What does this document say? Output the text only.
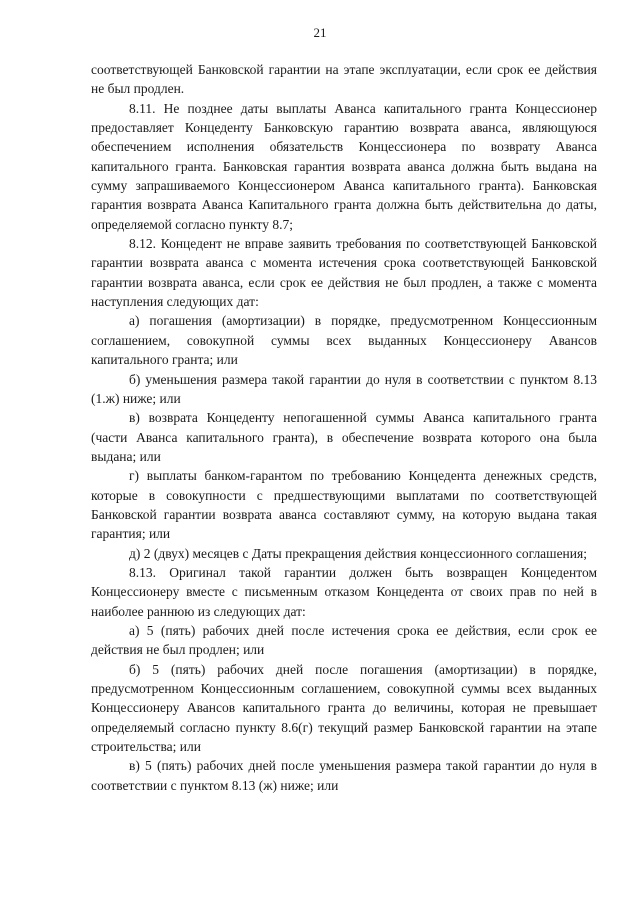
21

соответствующей Банковской гарантии на этапе эксплуатации, если срок ее действия не был продлен.

8.11. Не позднее даты выплаты Аванса капитального гранта Концессионер предоставляет Концеденту Банковскую гарантию возврата аванса, являющуюся обеспечением исполнения обязательств Концессионера по возврату Аванса капитального гранта. Банковская гарантия возврата аванса должна быть выдана на сумму запрашиваемого Концессионером Аванса капитального гранта). Банковская гарантия возврата Аванса Капитального гранта должна быть действительна до даты, определяемой согласно пункту 8.7;

8.12. Концедент не вправе заявить требования по соответствующей Банковской гарантии возврата аванса с момента истечения срока соответствующей Банковской гарантии возврата аванса, если срок ее действия не был продлен, а также с момента наступления следующих дат:

а) погашения (амортизации) в порядке, предусмотренном Концессионным соглашением, совокупной суммы всех выданных Концессионеру Авансов капитального гранта; или

б) уменьшения размера такой гарантии до нуля в соответствии с пунктом 8.13 (1.ж) ниже; или

в) возврата Концеденту непогашенной суммы Аванса капитального гранта (части Аванса капитального гранта), в обеспечение возврата которого она была выдана; или

г) выплаты банком-гарантом по требованию Концедента денежных средств, которые в совокупности с предшествующими выплатами по соответствующей Банковской гарантии возврата аванса составляют сумму, на которую выдана такая гарантия; или

д) 2 (двух) месяцев с Даты прекращения действия концессионного соглашения;

8.13. Оригинал такой гарантии должен быть возвращен Концедентом Концессионеру вместе с письменным отказом Концедента от своих прав по ней в наиболее раннюю из следующих дат:

а) 5 (пять) рабочих дней после истечения срока ее действия, если срок ее действия не был продлен; или

б) 5 (пять) рабочих дней после погашения (амортизации) в порядке, предусмотренном Концессионным соглашением, совокупной суммы всех выданных Концессионеру Авансов капитального гранта до величины, которая не превышает определяемый согласно пункту 8.6(г) текущий размер Банковской гарантии на этапе строительства; или

в) 5 (пять) рабочих дней после уменьшения размера такой гарантии до нуля в соответствии с пунктом 8.13 (ж) ниже; или
